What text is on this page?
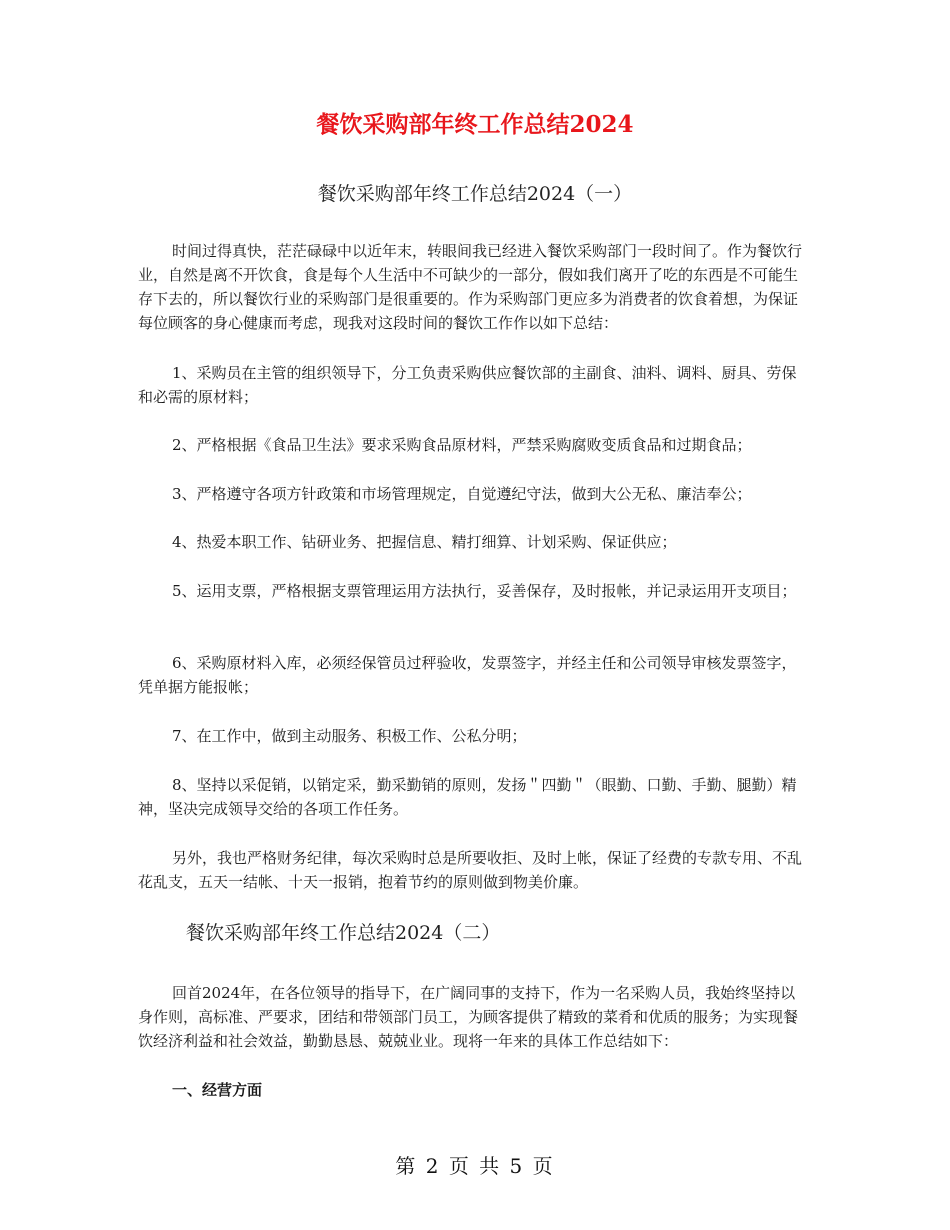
餐饮采购部年终工作总结2024
餐饮采购部年终工作总结2024（一）

时间过得真快，茫茫碌碌中以近年末，转眼间我已经进入餐饮采购部门一段时间了。作为餐饮行业，自然是离不开饮食，食是每个人生活中不可缺少的一部分，假如我们离开了吃的东西是不可能生存下去的，所以餐饮行业的采购部门是很重要的。作为采购部门更应多为消费者的饮食着想，为保证每位顾客的身心健康而考虑，现我对这段时间的餐饮工作作以如下总结：

1、采购员在主管的组织领导下，分工负责采购供应餐饮部的主副食、油料、调料、厨具、劳保和必需的原材料；

2、严格根据《食品卫生法》要求采购食品原材料，严禁采购腐败变质食品和过期食品；

3、严格遵守各项方针政策和市场管理规定，自觉遵纪守法，做到大公无私、廉洁奉公；

4、热爱本职工作、钻研业务、把握信息、精打细算、计划采购、保证供应；

5、运用支票，严格根据支票管理运用方法执行，妥善保存，及时报帐，并记录运用开支项目；

6、采购原材料入库，必须经保管员过秤验收，发票签字，并经主任和公司领导审核发票签字，凭单据方能报帐；

7、在工作中，做到主动服务、积极工作、公私分明；

8、坚持以采促销，以销定采，勤采勤销的原则，发扬＂四勤＂（眼勤、口勤、手勤、腿勤）精神，坚决完成领导交给的各项工作任务。

另外，我也严格财务纪律，每次采购时总是所要收拒、及时上帐，保证了经费的专款专用、不乱花乱支，五天一结帐、十天一报销，抱着节约的原则做到物美价廉。

餐饮采购部年终工作总结2024（二）

回首2024年，在各位领导的指导下，在广阔同事的支持下，作为一名采购人员，我始终坚持以身作则，高标准、严要求，团结和带领部门员工，为顾客提供了精致的菜肴和优质的服务；为实现餐饮经济利益和社会效益，勤勤恳恳、兢兢业业。现将一年来的具体工作总结如下：

一、经营方面

第 2 页 共 5 页
